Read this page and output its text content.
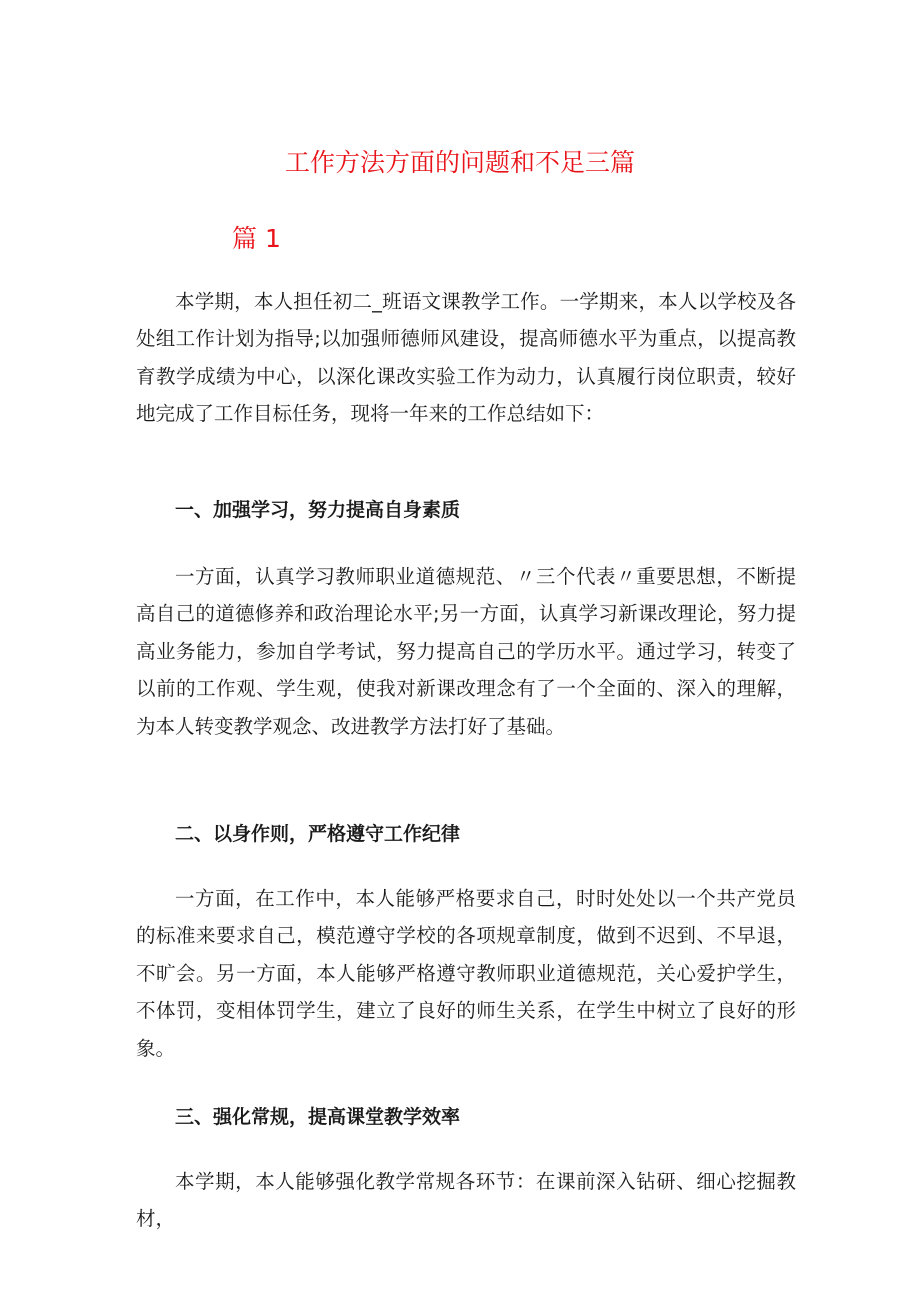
工作方法方面的问题和不足三篇
篇 1

本学期，本人担任初二_班语文课教学工作。一学期来，本人以学校及各处组工作计划为指导;以加强师德师风建设，提高师德水平为重点，以提高教育教学成绩为中心，以深化课改实验工作为动力，认真履行岗位职责，较好地完成了工作目标任务，现将一年来的工作总结如下：

一、加强学习，努力提高自身素质

一方面，认真学习教师职业道德规范、〃三个代表〃重要思想，不断提高自己的道德修养和政治理论水平;另一方面，认真学习新课改理论，努力提高业务能力，参加自学考试，努力提高自己的学历水平。通过学习，转变了以前的工作观、学生观，使我对新课改理念有了一个全面的、深入的理解，为本人转变教学观念、改进教学方法打好了基础。

二、以身作则，严格遵守工作纪律

一方面，在工作中，本人能够严格要求自己，时时处处以一个共产党员的标准来要求自己，模范遵守学校的各项规章制度，做到不迟到、不早退，不旷会。另一方面，本人能够严格遵守教师职业道德规范，关心爱护学生，不体罚，变相体罚学生，建立了良好的师生关系，在学生中树立了良好的形象。

三、强化常规，提高课堂教学效率

本学期，本人能够强化教学常规各环节：在课前深入钻研、细心挖掘教材，
